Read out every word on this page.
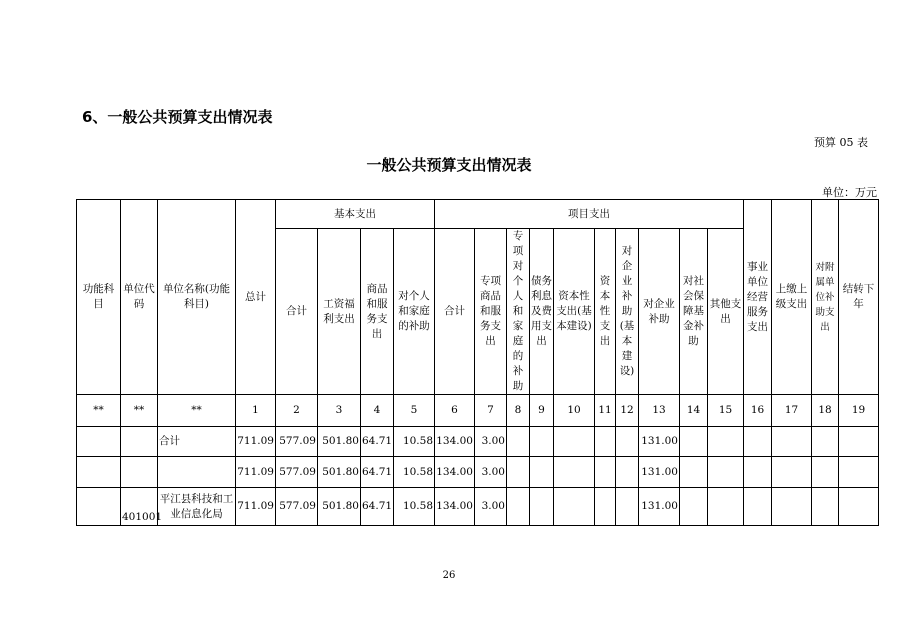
6、一般公共预算支出情况表
预算 05 表
一般公共预算支出情况表
单位：万元
功能科目	单位代码	单位名称(功能科目)	总计	基本支出				项目支出										事业单位经营服务支出	上缴上级支出	对附属单位补助支出	结转下年
				合计	工资福利支出	商品和服务支出	对个人和家庭的补助	合计	专项商品和服务支出	专项对个人和家庭的补助	债务利息及费用支出	资本性支出(基本建设)	资本性支出	对企业补助(基本建设)	对企业补助	对社会保障基金补助	其他支出				
**	**	**	1	2	3	4	5	6	7	8	9	10	11	12	13	14	15	16	17	18	19
		合计	711.09	577.09	501.80	64.71	10.58	134.00	3.00						131.00						
			711.09	577.09	501.80	64.71	10.58	134.00	3.00						131.00						
	401001	平江县科技和工业信息化局	711.09	577.09	501.80	64.71	10.58	134.00	3.00						131.00						
26
